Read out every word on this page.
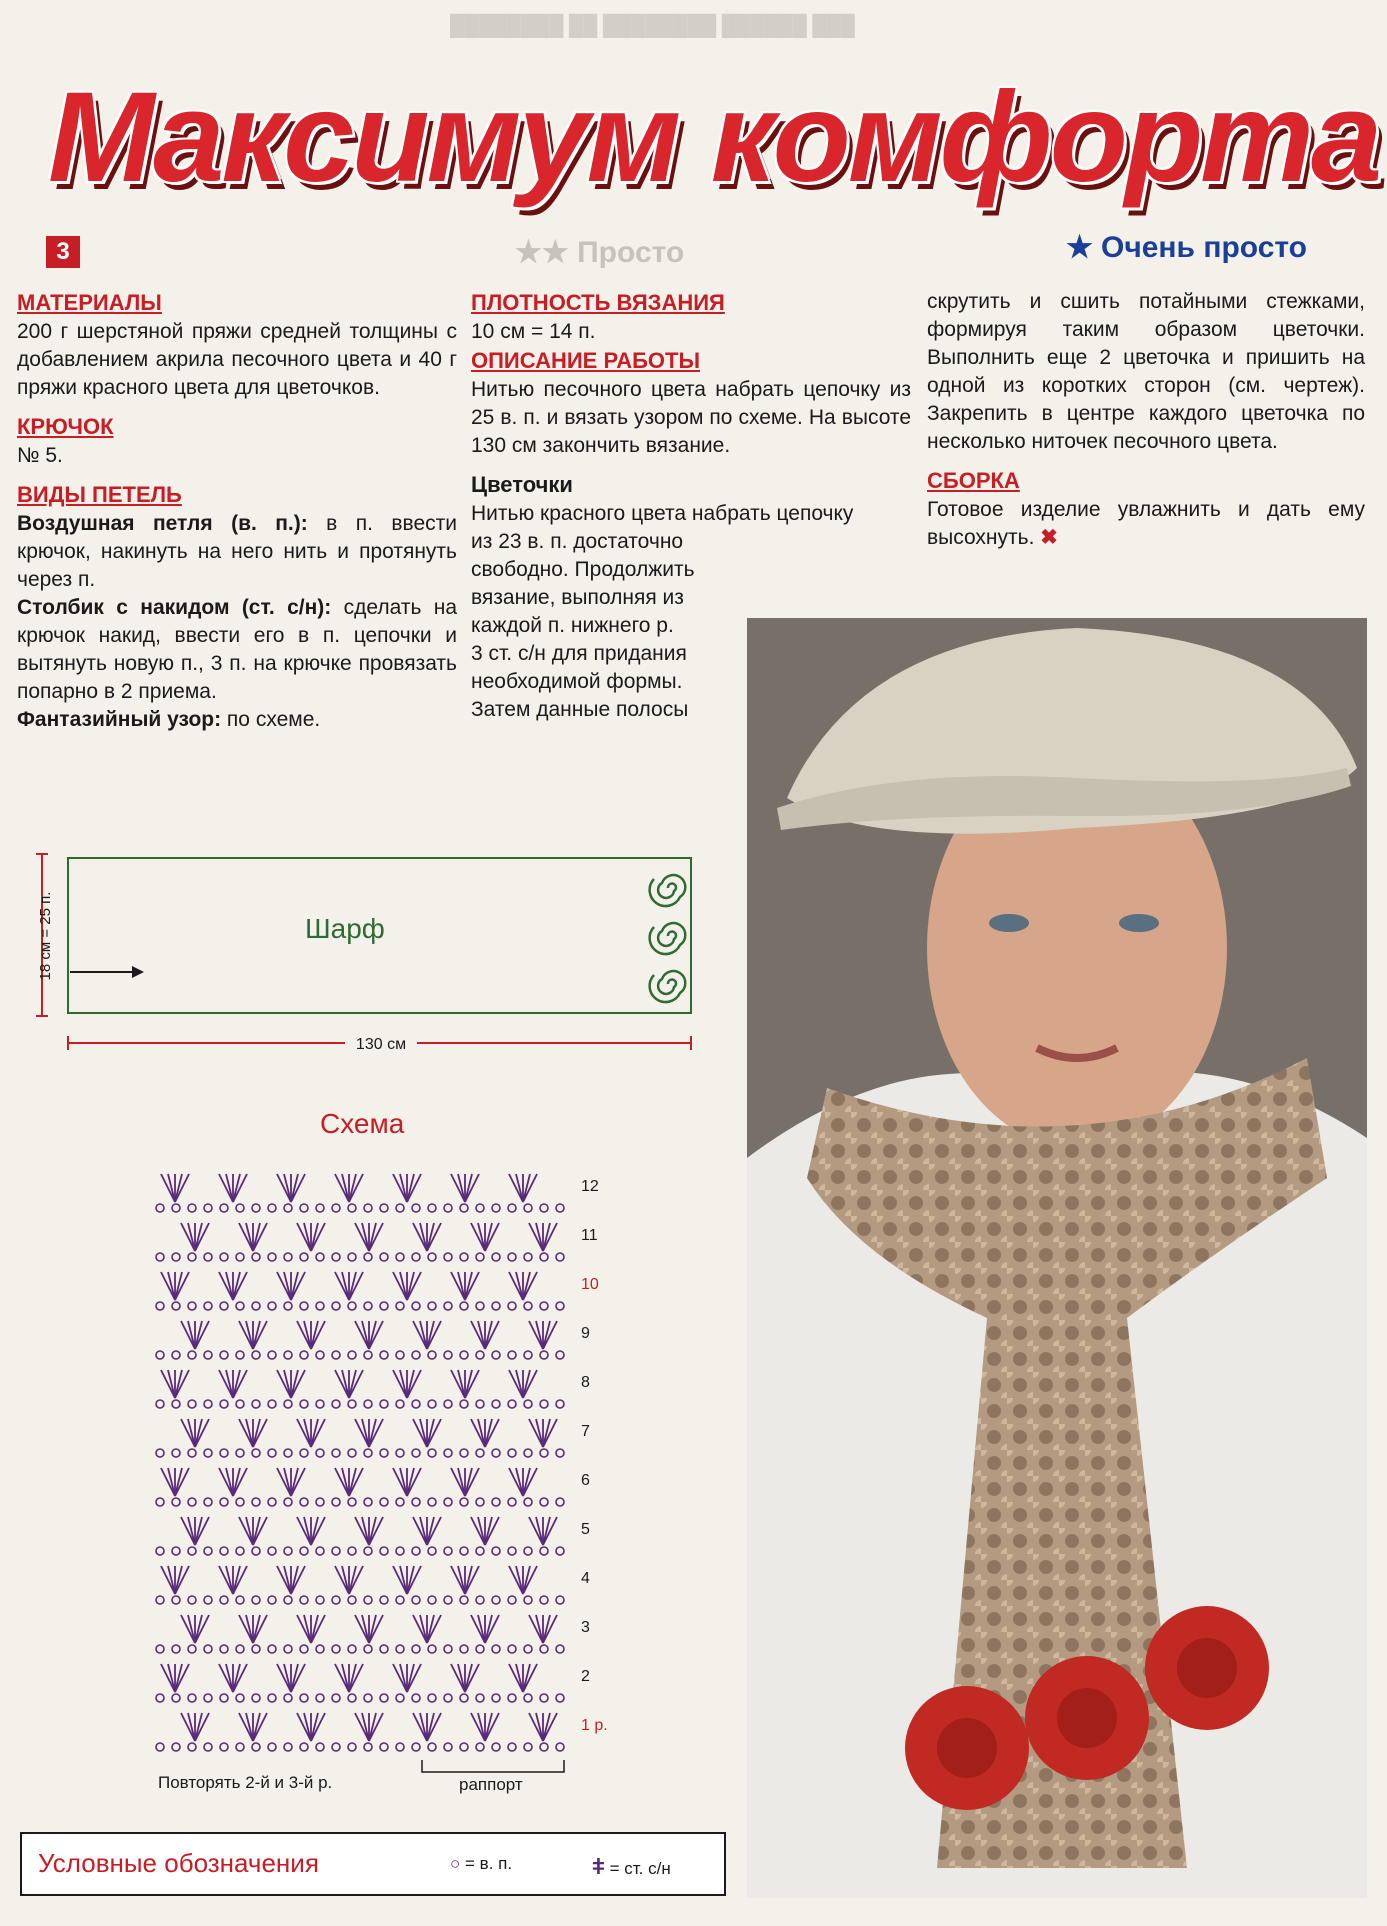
████████ ██ ████████ ██████ ███
Максимум комфорта
3	★★ Просто	★ Очень просто
МАТЕРИАЛЫ

200 г шерстяной пряжи средней толщины с добавлением акрила песочного цвета и 40 г пряжи красного цвета для цветочков.

КРЮЧОК

№ 5.

ВИДЫ ПЕТЕЛЬ

Воздушная петля (в. п.): в п. ввести крючок, накинуть на него нить и протянуть через п.

Столбик с накидом (ст. с/н): сделать на крючок накид, ввести его в п. цепочки и вытянуть новую п., 3 п. на крючке провязать попарно в 2 приема.

Фантазийный узор: по схеме.

ПЛОТНОСТЬ ВЯЗАНИЯ

10 см = 14 п.

ОПИСАНИЕ РАБОТЫ

Нитью песочного цвета набрать цепочку из 25 в. п. и вязать узором по схеме. На высоте 130 см закончить вязание.

Цветочки

Нитью красного цвета набрать цепочку

из 23 в. п. достаточно

свободно. Продолжить

вязание, выполняя из

каждой п. нижнего р.

3 ст. с/н для придания

необходимой формы.

Затем данные полосы

скрутить и сшить потайными стежками, формируя таким образом цветочки. Выполнить еще 2 цветочка и пришить на одной из коротких сторон (см. чертеж). Закрепить в центре каждого цветочка по несколько ниточек песочного цвета.

СБОРКА

Готовое изделие увлажнить и дать ему высохнуть. ✖

18 см = 25 п.	Шарф
130 см
Схема
12
11
10
9
8
7
6
5
4
3
2
1 р.
Повторять 2-й и 3-й р.	раппорт
Условные обозначения	○ = в. п.	ǂ = ст. с/н
